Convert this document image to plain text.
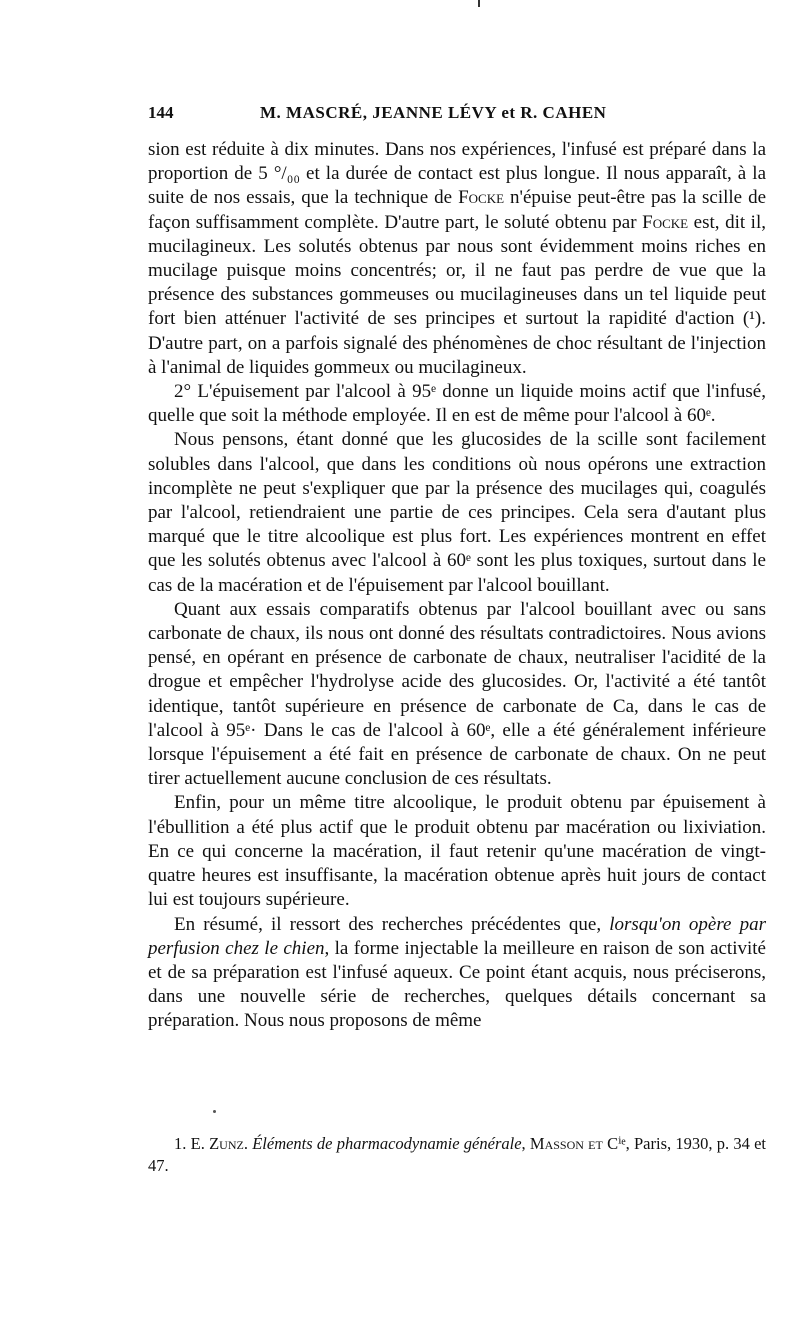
144	M. MASCRÉ, JEANNE LÉVY et R. CAHEN

sion est réduite à dix minutes. Dans nos expériences, l'infusé est préparé dans la proportion de 5 °/₀₀ et la durée de contact est plus longue. Il nous apparaît, à la suite de nos essais, que la technique de Focke n'épuise peut-être pas la scille de façon suffisamment complète. D'autre part, le soluté obtenu par Focke est, dit il, mucilagineux. Les solutés obtenus par nous sont évidemment moins riches en mucilage puisque moins concentrés; or, il ne faut pas perdre de vue que la présence des substances gommeuses ou mucilagineuses dans un tel liquide peut fort bien atténuer l'activité de ses principes et surtout la rapidité d'action (¹). D'autre part, on a parfois signalé des phénomènes de choc résultant de l'injection à l'animal de liquides gommeux ou mucilagineux.

2° L'épuisement par l'alcool à 95ᵉ donne un liquide moins actif que l'infusé, quelle que soit la méthode employée. Il en est de même pour l'alcool à 60ᵉ.

Nous pensons, étant donné que les glucosides de la scille sont facilement solubles dans l'alcool, que dans les conditions où nous opérons une extraction incomplète ne peut s'expliquer que par la présence des mucilages qui, coagulés par l'alcool, retiendraient une partie de ces principes. Cela sera d'autant plus marqué que le titre alcoolique est plus fort. Les expériences montrent en effet que les solutés obtenus avec l'alcool à 60ᵉ sont les plus toxiques, surtout dans le cas de la macération et de l'épuisement par l'alcool bouillant.

Quant aux essais comparatifs obtenus par l'alcool bouillant avec ou sans carbonate de chaux, ils nous ont donné des résultats contradictoires. Nous avions pensé, en opérant en présence de carbonate de chaux, neutraliser l'acidité de la drogue et empêcher l'hydrolyse acide des glucosides. Or, l'activité a été tantôt identique, tantôt supérieure en présence de carbonate de Ca, dans le cas de l'alcool à 95ᵉ· Dans le cas de l'alcool à 60ᵉ, elle a été généralement inférieure lorsque l'épuisement a été fait en présence de carbonate de chaux. On ne peut tirer actuellement aucune conclusion de ces résultats.

Enfin, pour un même titre alcoolique, le produit obtenu par épuisement à l'ébullition a été plus actif que le produit obtenu par macération ou lixiviation. En ce qui concerne la macération, il faut retenir qu'une macération de vingt-quatre heures est insuffisante, la macération obtenue après huit jours de contact lui est toujours supérieure.

En résumé, il ressort des recherches précédentes que, lorsqu'on opère par perfusion chez le chien, la forme injectable la meilleure en raison de son activité et de sa préparation est l'infusé aqueux. Ce point étant acquis, nous préciserons, dans une nouvelle série de recherches, quelques détails concernant sa préparation. Nous nous proposons de même

1. E. Zunz. Éléments de pharmacodynamie générale, Masson et Cⁱᵉ, Paris, 1930, p. 34 et 47.
